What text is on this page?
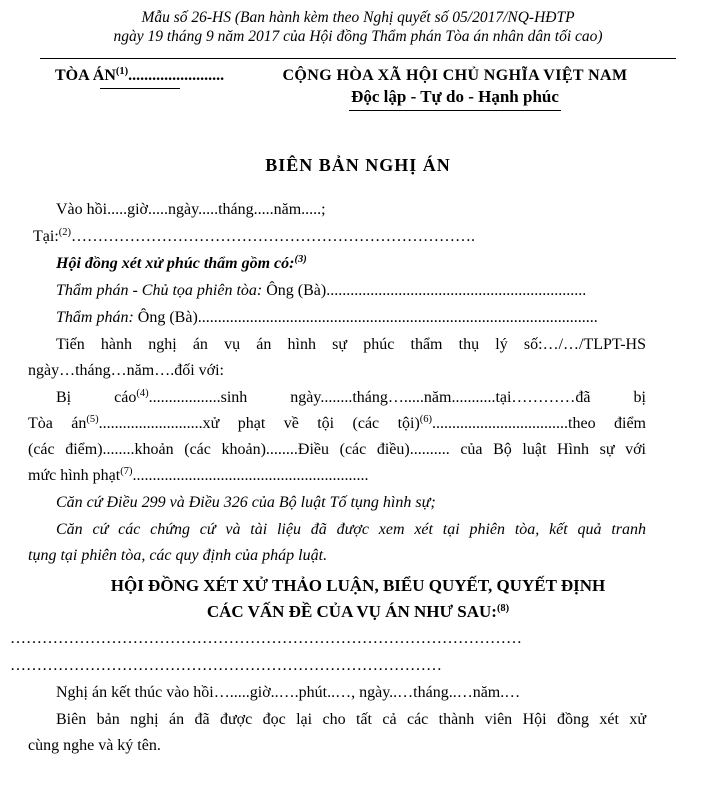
Mẫu số 26-HS (Ban hành kèm theo Nghị quyết số 05/2017/NQ-HĐTP
ngày 19 tháng 9 năm 2017 của Hội đồng Thẩm phán Tòa án nhân dân tối cao)
TÒA ÁN$^{(1)}$........................	CỘNG HÒA XÃ HỘI CHỦ NGHĨA VIỆT NAM
Độc lập - Tự do - Hạnh phúc
BIÊN BẢN NGHỊ ÁN
Vào hồi.....giờ.....ngày.....tháng.....năm.....;
Tại:$^{(2)}$………………………………………………………………….
Hội đồng xét xử phúc thẩm gồm có:$^{(3)}$
Thẩm phán - Chủ tọa phiên tòa: Ông (Bà).................................................................
Thẩm phán: Ông (Bà)....................................................................................................
Tiến hành nghị án vụ án hình sự phúc thẩm thụ lý số:…/…/TLPT-HS
ngày…tháng…năm….đối với:
Bị cáo$^{(4)}$..................sinh ngày........tháng….....năm...........tại…………đã bị
Tòa $án^{(5)}..........................xử$ phạt về tội (các tội)$^{(6)}$..................................theo điểm
(các điểm)........khoản (các khoản)........Điều (các điều).......... của Bộ luật Hình sự với
mức hình phạt$^{(7)}$...........................................................
Căn cứ Điều 299 và Điều 326 của Bộ luật Tố tụng hình sự;
Căn cứ các chứng cứ và tài liệu đã được xem xét tại phiên tòa, kết quả tranh
tụng tại phiên tòa, các quy định của pháp luật.
HỘI ĐỒNG XÉT XỬ THẢO LUẬN, BIỂU QUYẾT, QUYẾT ĐỊNH
CÁC VẤN ĐỀ CỦA VỤ ÁN NHƯ SAU:$^{(8)}$
……………………………………………………………………………………
………………………………………………………………………
Nghị án kết thúc vào hồi….....giờ..….phút..…, ngày..…tháng..…năm.…
Biên bản nghị án đã được đọc lại cho tất cả các thành viên Hội đồng xét xử
cùng nghe và ký tên.
